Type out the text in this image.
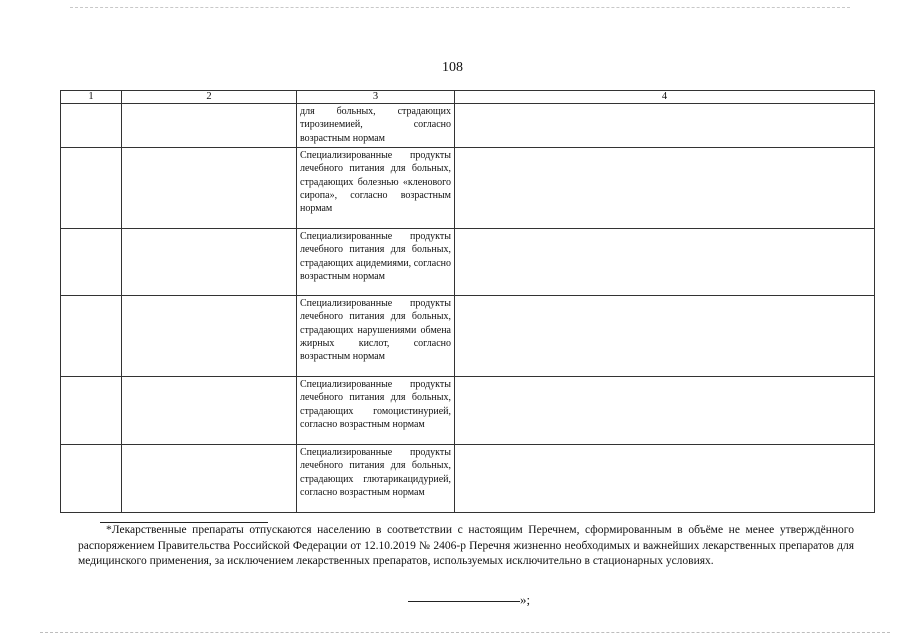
108
1	2	3	4
		для больных, страдающих тирозинемией, согласно возрастным нормам	
		Специализированные продукты лечебного питания для больных, страдающих болезнью «кленового сиропа», согласно возрастным нормам	
		Специализированные продукты лечебного питания для больных, страдающих ацидемиями, согласно возрастным нормам	
		Специализированные продукты лечебного питания для больных, страдающих нарушениями обмена жирных кислот, согласно возрастным нормам	
		Специализированные продукты лечебного питания для больных, страдающих гомоцистинурией, согласно возрастным нормам	
		Специализированные продукты лечебного питания для больных, страдающих глютарикацидурией, согласно возрастным нормам	
*Лекарственные препараты отпускаются населению в соответствии с настоящим Перечнем, сформированным в объёме не менее утверждённого распоряжением Правительства Российской Федерации от 12.10.2019 № 2406-р Перечня жизненно необходимых и важнейших лекарственных препаратов для медицинского применения, за исключением лекарственных препаратов, используемых исключительно в стационарных условиях.
»;
